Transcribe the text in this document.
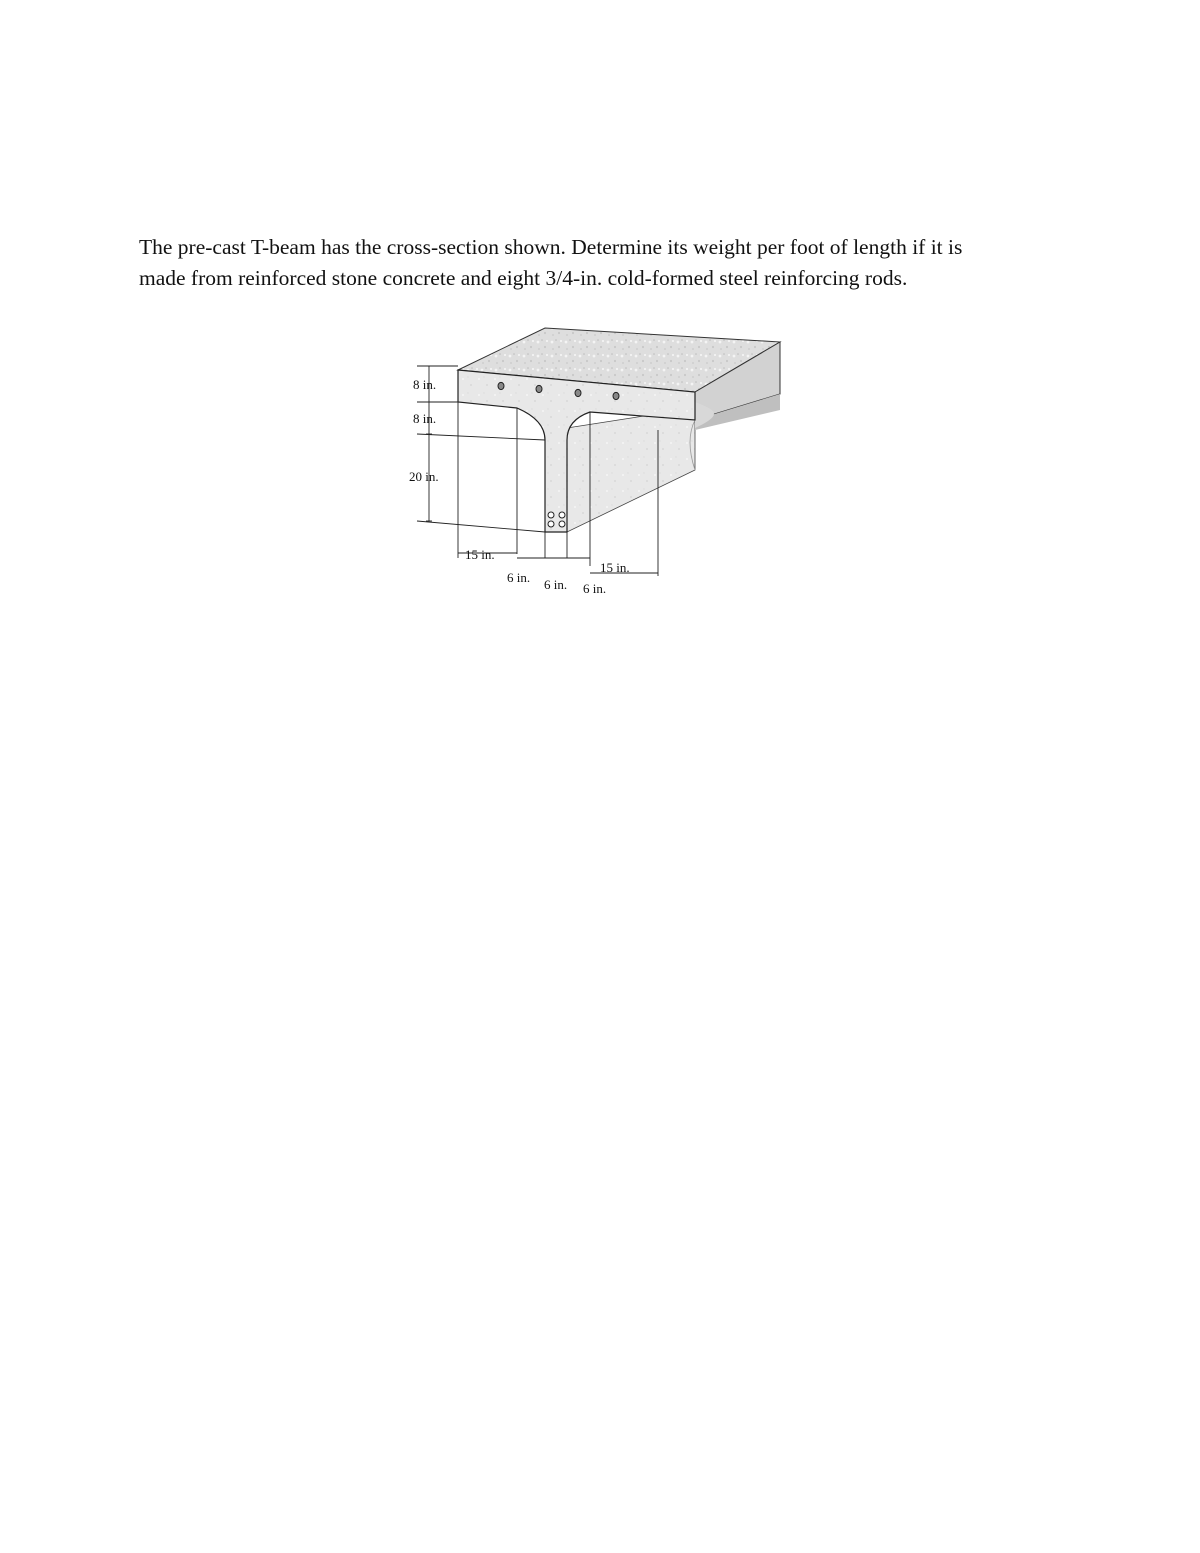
The pre-cast T-beam has the cross-section shown. Determine its weight per foot of length if it is
made from reinforced stone concrete and eight 3/4-in. cold-formed steel reinforcing rods.
8 in.
8 in.
20 in.
15 in.
15 in.
6 in. 6 in. 6 in.
